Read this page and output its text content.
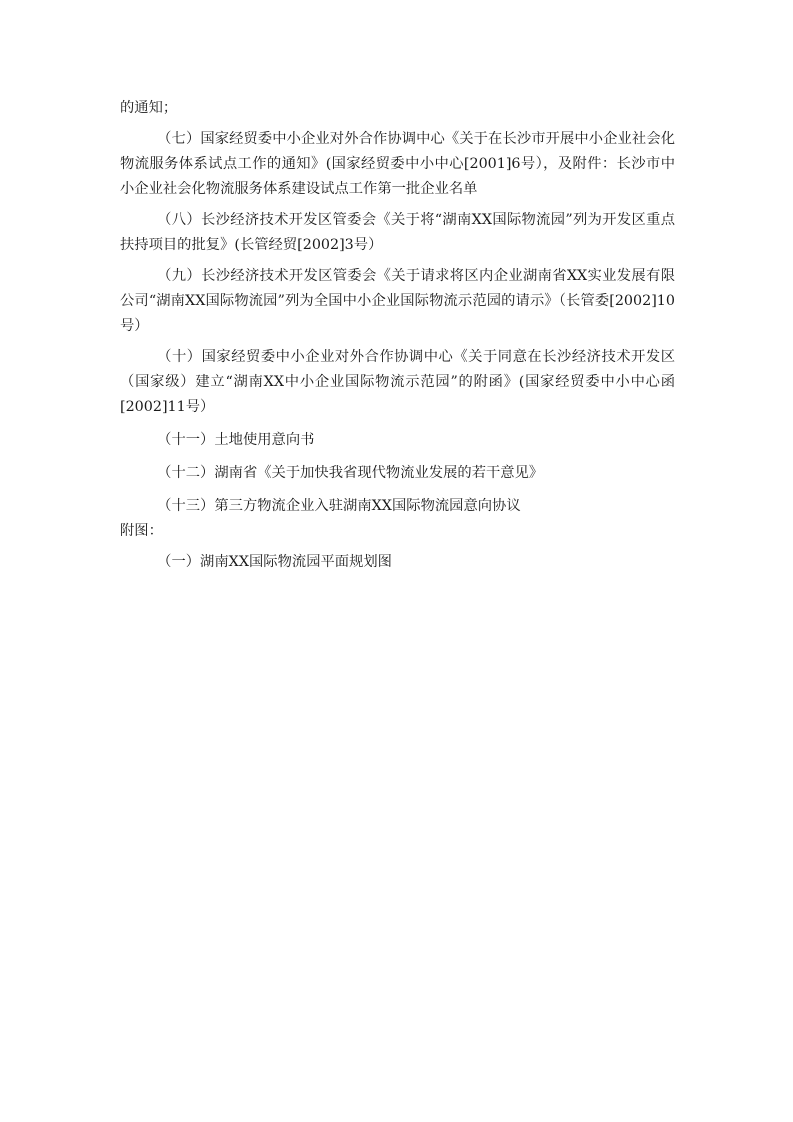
的通知；

（七）国家经贸委中小企业对外合作协调中心《关于在长沙市开展中小企业社会化物流服务体系试点工作的通知》(国家经贸委中小中心[2001]6号），及附件：长沙市中小企业社会化物流服务体系建设试点工作第一批企业名单

（八）长沙经济技术开发区管委会《关于将“湖南XX国际物流园”列为开发区重点扶持项目的批复》(长管经贸[2002]3号）

（九）长沙经济技术开发区管委会《关于请求将区内企业湖南省XX实业发展有限公司“湖南XX国际物流园”列为全国中小企业国际物流示范园的请示》（长管委[2002]10号）

（十）国家经贸委中小企业对外合作协调中心《关于同意在长沙经济技术开发区（国家级）建立“湖南XX中小企业国际物流示范园”的附函》(国家经贸委中小中心函[2002]11号）

（十一）土地使用意向书

（十二）湖南省《关于加快我省现代物流业发展的若干意见》

（十三）第三方物流企业入驻湖南XX国际物流园意向协议

附图：

（一）湖南XX国际物流园平面规划图
